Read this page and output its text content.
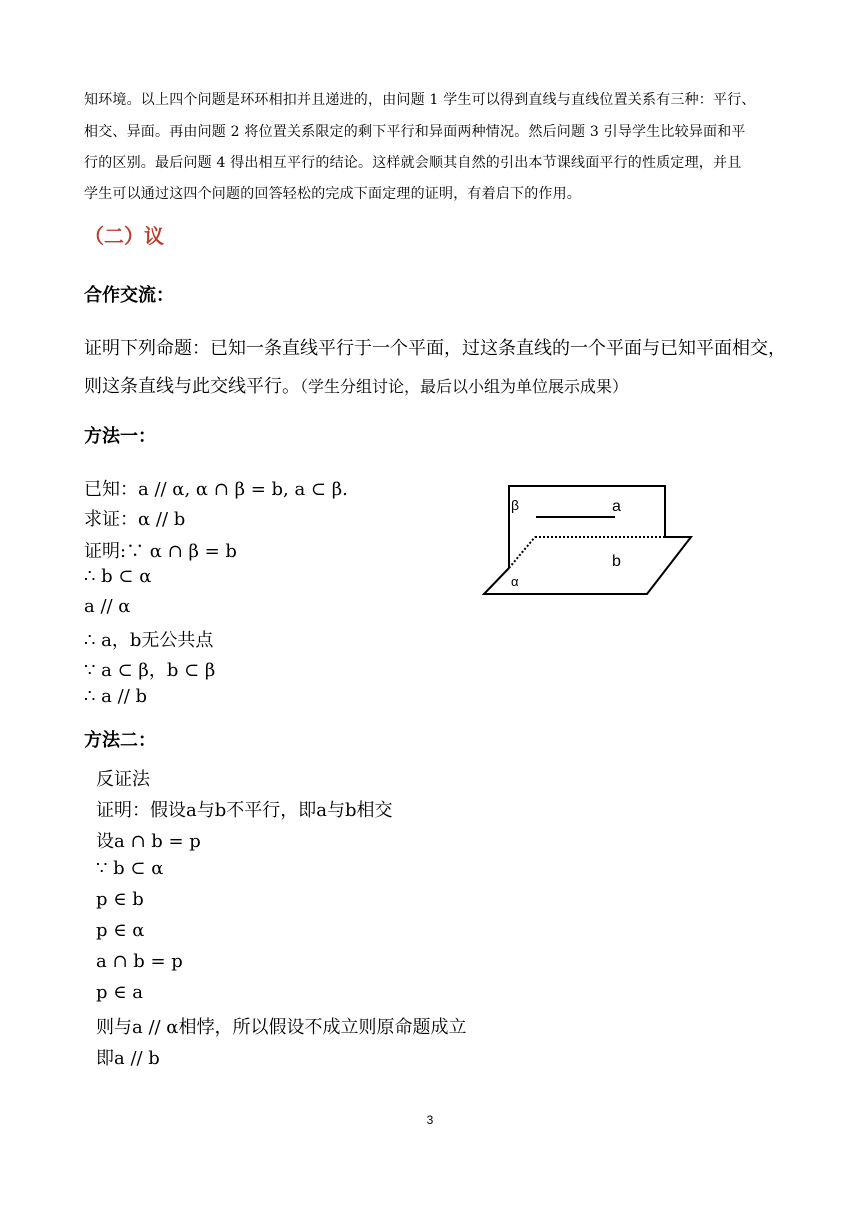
知环境。以上四个问题是环环相扣并且递进的，由问题 1 学生可以得到直线与直线位置关系有三种：平行、
相交、异面。再由问题 2 将位置关系限定的剩下平行和异面两种情况。然后问题 3 引导学生比较异面和平
行的区别。最后问题 4 得出相互平行的结论。这样就会顺其自然的引出本节课线面平行的性质定理，并且
学生可以通过这四个问题的回答轻松的完成下面定理的证明，有着启下的作用。
（二）议
合作交流：
证明下列命题：已知一条直线平行于一个平面，过这条直线的一个平面与已知平面相交，
则这条直线与此交线平行。（学生分组讨论，最后以小组为单位展示成果）
方法一：
已知：a // α, α ∩ β = b, a ⊂ β.
求证：α // b
证明:∵ α ∩ β = b
∴ b ⊂ α
a // α
∴ a，b无公共点
∵ a ⊂ β，b ⊂ β
∴ a // b
β	a
b
α
方法二：
反证法
证明：假设a与b不平行，即a与b相交
设a ∩ b = p
∵ b ⊂ α
p ∈ b
p ∈ α
a ∩ b = p
p ∈ a
则与a // α相悖，所以假设不成立则原命题成立
即a // b
3
